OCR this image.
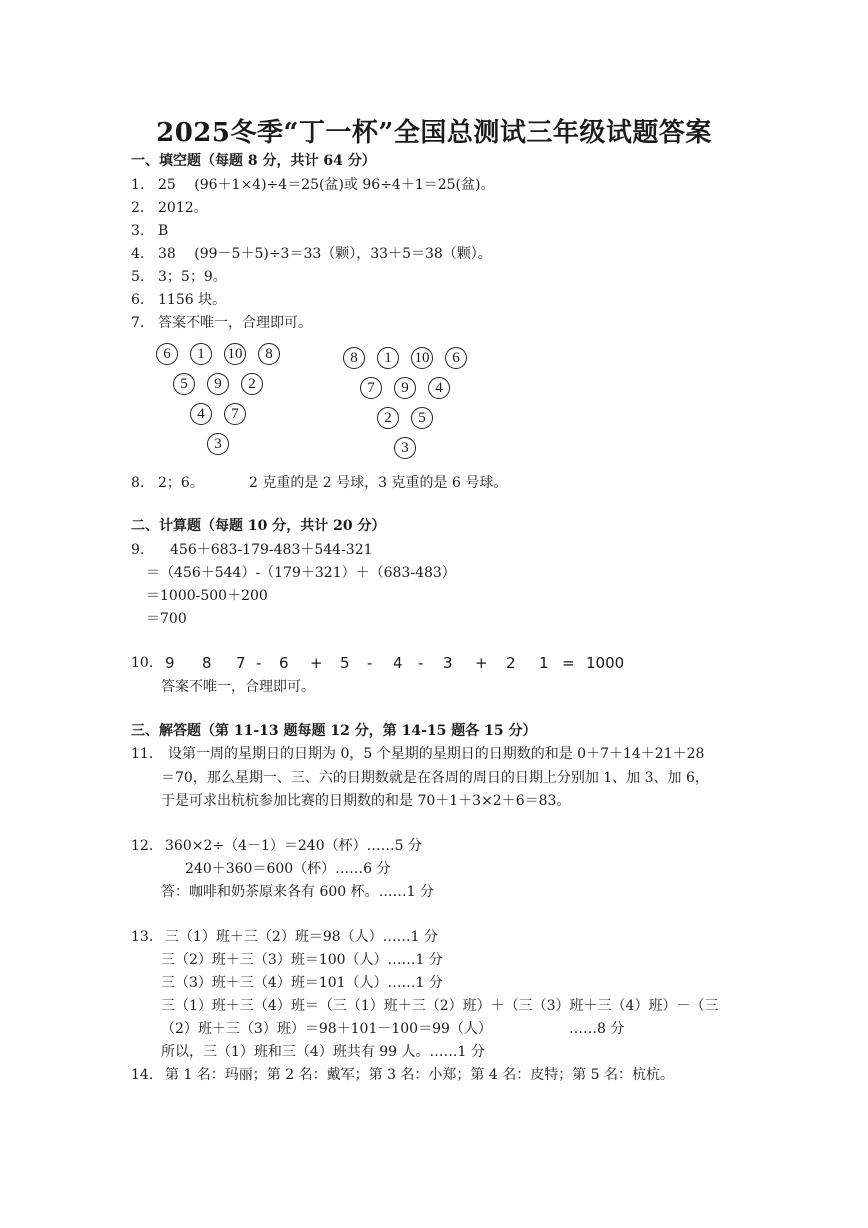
2025冬季“丁一杯”全国总测试三年级试题答案
一、填空题（每题 8 分，共计 64 分）
1. 25　 (96＋1×4)÷4＝25(盆)或 96÷4＋1＝25(盆)。
2. 2012。
3. B
4. 38　 (99－5＋5)÷3＝33（颗），33＋5＝38（颗）。
5. 3；5；9。
6. 1156 块。
7. 答案不唯一，合理即可。
6	1	10	8
5	9	2
4	7
3
8	1	10	6
7	9	4
2	5
3
8. 2；6。	2 克重的是 2 号球，3 克重的是 6 号球。
二、计算题（每题 10 分，共计 20 分）
9. 456＋683-179-483＋544-321
＝（456＋544）-（179＋321）＋（683-483）
＝1000-500＋200
＝700
10. 9 8 7 - 6 + 5 - 4 - 3 + 2 1 = 1000
答案不唯一，合理即可。
三、解答题（第 11-13 题每题 12 分，第 14-15 题各 15 分）
11. 设第一周的星期日的日期为 0，5 个星期的星期日的日期数的和是 0＋7＋14＋21＋28
＝70，那么星期一、三、六的日期数就是在各周的周日的日期上分别加 1、加 3、加 6，
于是可求出杭杭参加比赛的日期数的和是 70＋1＋3×2＋6＝83。
12. 360×2÷（4－1）＝240（杯）……5 分
240＋360＝600（杯）……6 分
答：咖啡和奶茶原来各有 600 杯。……1 分
13. 三（1）班＋三（2）班＝98（人）……1 分
三（2）班＋三（3）班＝100（人）……1 分
三（3）班＋三（4）班＝101（人）……1 分
三（1）班＋三（4）班＝（三（1）班＋三（2）班）＋（三（3）班＋三（4）班）－（三
（2）班＋三（3）班）＝98＋101－100＝99（人）	……8 分
所以，三（1）班和三（4）班共有 99 人。……1 分
14. 第 1 名：玛丽；第 2 名：戴军；第 3 名：小郑；第 4 名：皮特；第 5 名：杭杭。
